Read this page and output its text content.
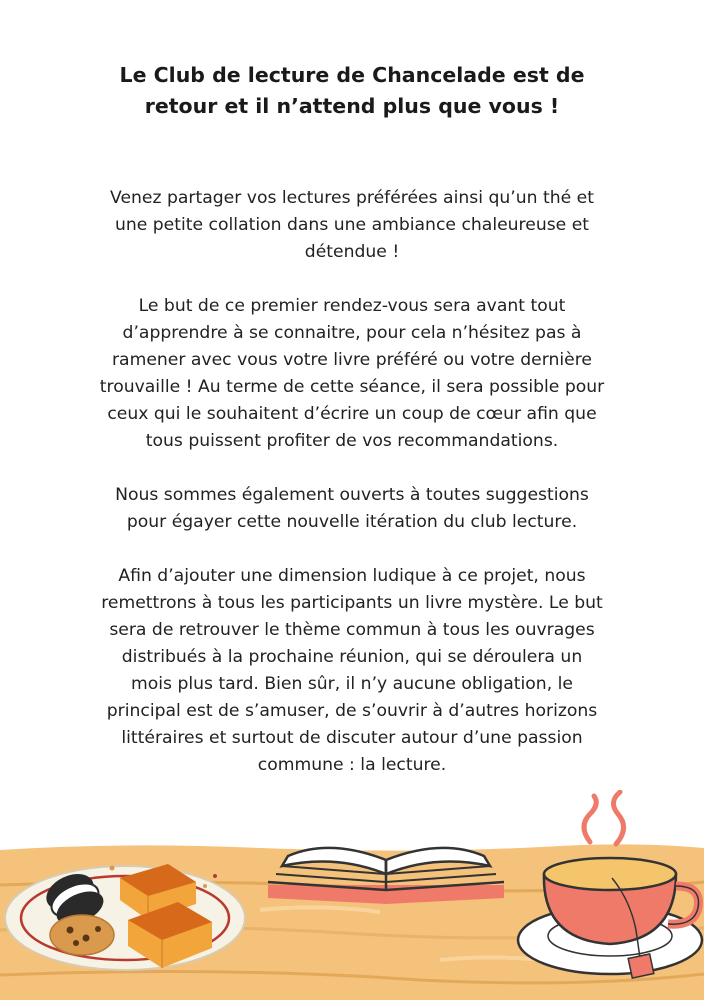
Le Club de lecture de Chancelade est de
retour et il n’attend plus que vous !

Venez partager vos lectures préférées ainsi qu’un thé et
une petite collation dans une ambiance chaleureuse et
détendue !

Le but de ce premier rendez-vous sera avant tout
d’apprendre à se connaitre, pour cela n’hésitez pas à
ramener avec vous votre livre préféré ou votre dernière
trouvaille ! Au terme de cette séance, il sera possible pour
ceux qui le souhaitent d’écrire un coup de cœur afin que
tous puissent profiter de vos recommandations.

Nous sommes également ouverts à toutes suggestions
pour égayer cette nouvelle itération du club lecture.

Afin d’ajouter une dimension ludique à ce projet, nous
remettrons à tous les participants un livre mystère. Le but
sera de retrouver le thème commun à tous les ouvrages
distribués à la prochaine réunion, qui se déroulera un
mois plus tard. Bien sûr, il n’y aucune obligation, le
principal est de s’amuser, de s’ouvrir à d’autres horizons
littéraires et surtout de discuter autour d’une passion
commune : la lecture.
